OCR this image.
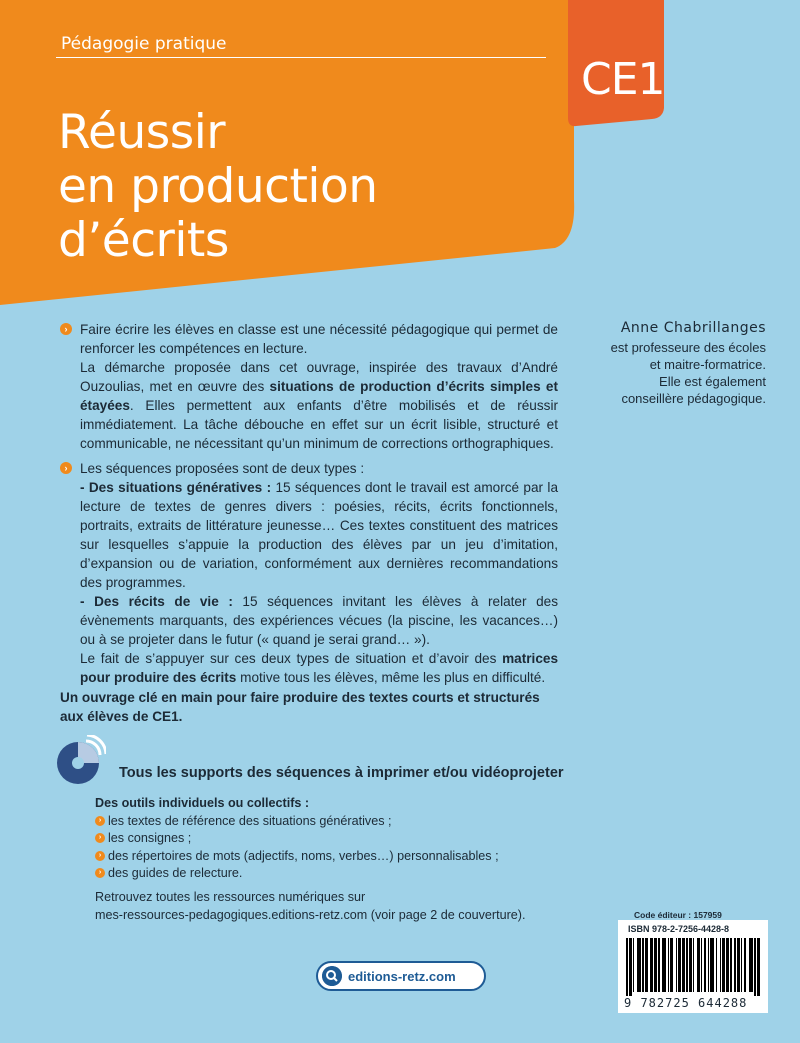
Pédagogie pratique
CE1
Réussir
en production
d’écrits
Anne Chabrillanges
est professeure des écoles
et maitre-formatrice.
Elle est également
conseillère pédagogique.
› Faire écrire les élèves en classe est une nécessité pédagogique qui permet de renforcer les compétences en lecture.

La démarche proposée dans cet ouvrage, inspirée des travaux d’André Ouzoulias, met en œuvre des situations de production d’écrits simples et étayées. Elles permettent aux enfants d’être mobilisés et de réussir immédiatement. La tâche débouche en effet sur un écrit lisible, structuré et communicable, ne nécessitant qu’un minimum de corrections orthographiques.

› Les séquences proposées sont de deux types :

- Des situations génératives : 15 séquences dont le travail est amorcé par la lecture de textes de genres divers : poésies, récits, écrits fonctionnels, portraits, extraits de littérature jeunesse… Ces textes constituent des matrices sur lesquelles s’appuie la production des élèves par un jeu d’imitation, d’expansion ou de variation, conformément aux dernières recommandations des programmes.

- Des récits de vie : 15 séquences invitant les élèves à relater des évènements marquants, des expériences vécues (la piscine, les vacances…) ou à se projeter dans le futur (« quand je serai grand… »).

Le fait de s’appuyer sur ces deux types de situation et d’avoir des matrices pour produire des écrits motive tous les élèves, même les plus en difficulté.

Un ouvrage clé en main pour faire produire des textes courts et structurés aux élèves de CE1.
Tous les supports des séquences à imprimer et/ou vidéoprojeter
Des outils individuels ou collectifs :
› les textes de référence des situations génératives ;
› les consignes ;
› des répertoires de mots (adjectifs, noms, verbes…) personnalisables ;
› des guides de relecture.
Retrouvez toutes les ressources numériques sur
mes-ressources-pedagogiques.editions-retz.com (voir page 2 de couverture).
editions-retz.com
Code éditeur : 157959
ISBN 978-2-7256-4428-8
9 782725 644288
